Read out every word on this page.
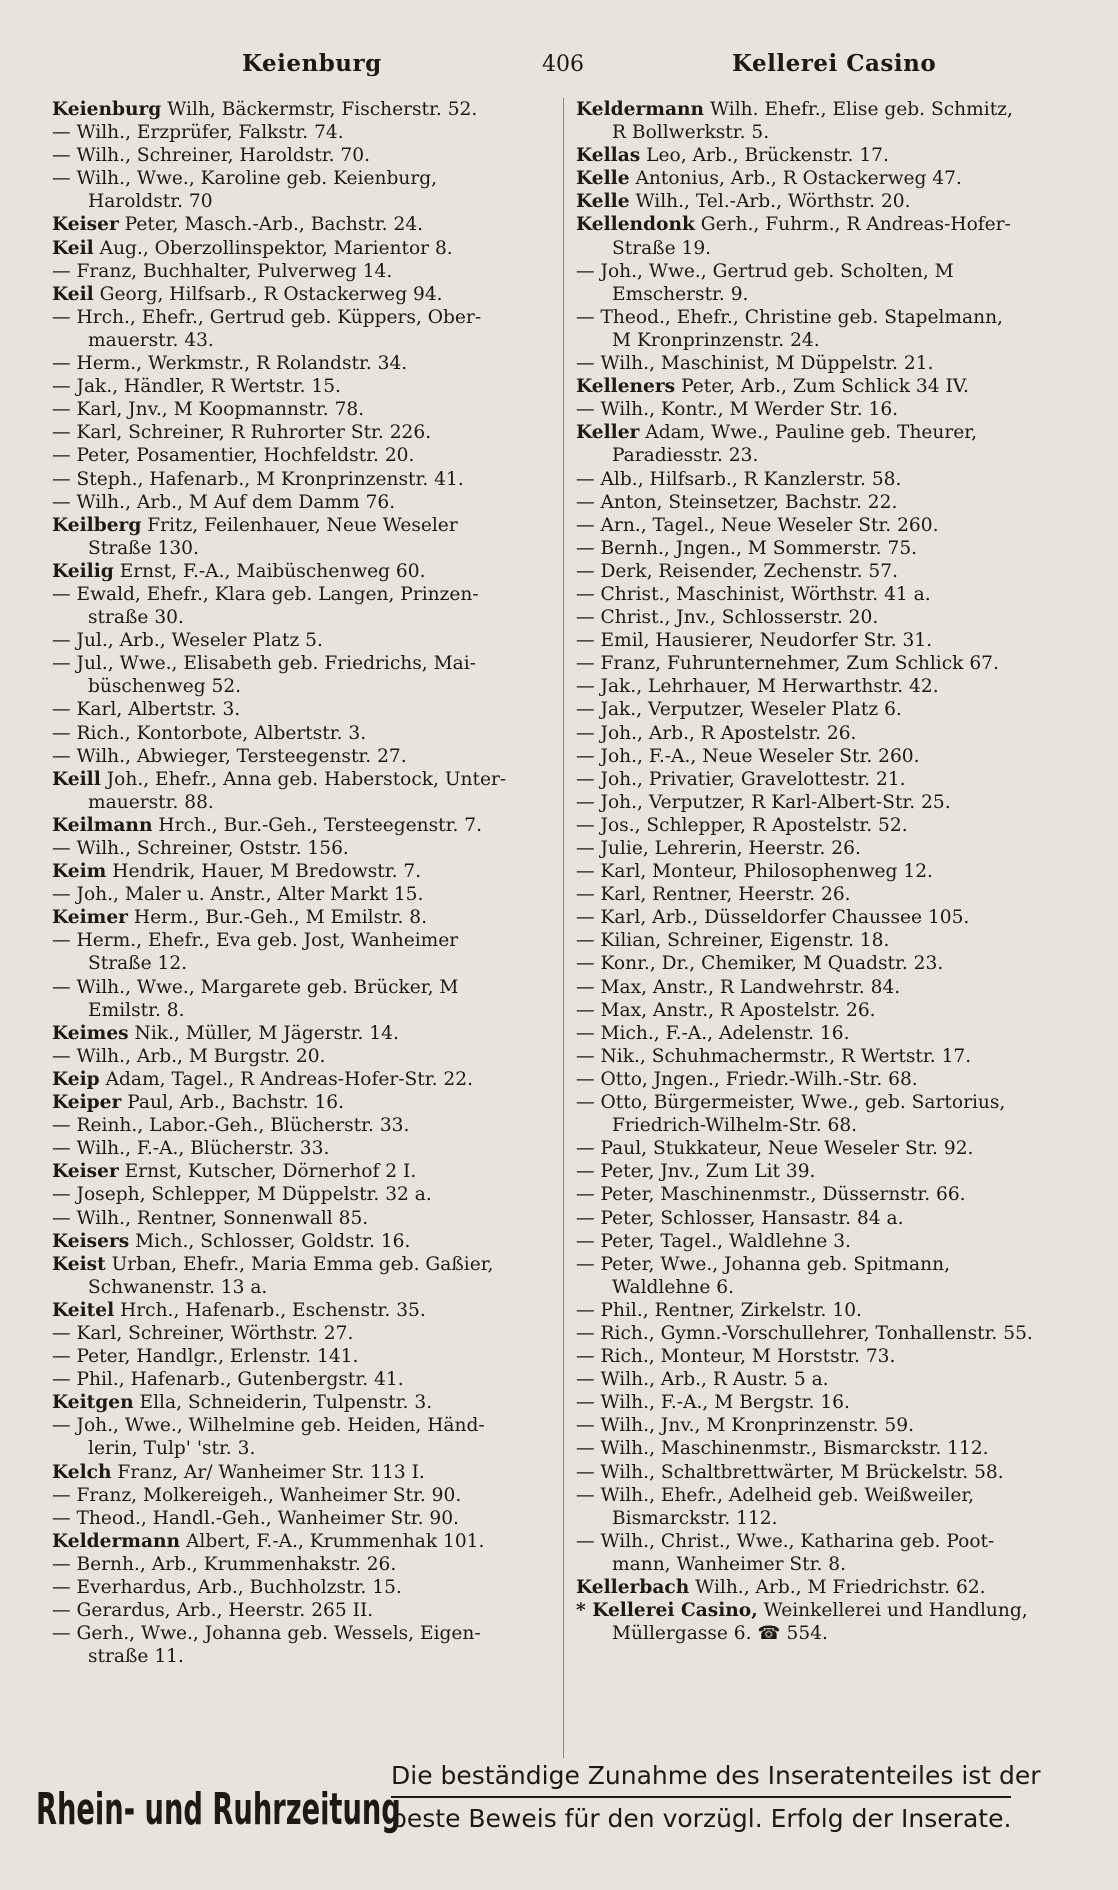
Keienburg	406	Kellerei Casino
Keienburg Wilh, Bäckermstr, Fischerstr. 52.
— Wilh., Erzprüfer, Falkstr. 74.
— Wilh., Schreiner, Haroldstr. 70.
— Wilh., Wwe., Karoline geb. Keienburg,
Haroldstr. 70
Keiser Peter, Masch.-Arb., Bachstr. 24.
Keil Aug., Oberzollinspektor, Marientor 8.
— Franz, Buchhalter, Pulverweg 14.
Keil Georg, Hilfsarb., R Ostackerweg 94.
— Hrch., Ehefr., Gertrud geb. Küppers, Ober-
mauerstr. 43.
— Herm., Werkmstr., R Rolandstr. 34.
— Jak., Händler, R Wertstr. 15.
— Karl, Jnv., M Koopmannstr. 78.
— Karl, Schreiner, R Ruhrorter Str. 226.
— Peter, Posamentier, Hochfeldstr. 20.
— Steph., Hafenarb., M Kronprinzenstr. 41.
— Wilh., Arb., M Auf dem Damm 76.
Keilberg Fritz, Feilenhauer, Neue Weseler
Straße 130.
Keilig Ernst, F.-A., Maibüschenweg 60.
— Ewald, Ehefr., Klara geb. Langen, Prinzen-
straße 30.
— Jul., Arb., Weseler Platz 5.
— Jul., Wwe., Elisabeth geb. Friedrichs, Mai-
büschenweg 52.
— Karl, Albertstr. 3.
— Rich., Kontorbote, Albertstr. 3.
— Wilh., Abwieger, Tersteegenstr. 27.
Keill Joh., Ehefr., Anna geb. Haberstock, Unter-
mauerstr. 88.
Keilmann Hrch., Bur.-Geh., Tersteegenstr. 7.
— Wilh., Schreiner, Oststr. 156.
Keim Hendrik, Hauer, M Bredowstr. 7.
— Joh., Maler u. Anstr., Alter Markt 15.
Keimer Herm., Bur.-Geh., M Emilstr. 8.
— Herm., Ehefr., Eva geb. Jost, Wanheimer
Straße 12.
— Wilh., Wwe., Margarete geb. Brücker, M
Emilstr. 8.
Keimes Nik., Müller, M Jägerstr. 14.
— Wilh., Arb., M Burgstr. 20.
Keip Adam, Tagel., R Andreas-Hofer-Str. 22.
Keiper Paul, Arb., Bachstr. 16.
— Reinh., Labor.-Geh., Blücherstr. 33.
— Wilh., F.-A., Blücherstr. 33.
Keiser Ernst, Kutscher, Dörnerhof 2 I.
— Joseph, Schlepper, M Düppelstr. 32 a.
— Wilh., Rentner, Sonnenwall 85.
Keisers Mich., Schlosser, Goldstr. 16.
Keist Urban, Ehefr., Maria Emma geb. Gaßier,
Schwanenstr. 13 a.
Keitel Hrch., Hafenarb., Eschenstr. 35.
— Karl, Schreiner, Wörthstr. 27.
— Peter, Handlgr., Erlenstr. 141.
— Phil., Hafenarb., Gutenbergstr. 41.
Keitgen Ella, Schneiderin, Tulpenstr. 3.
— Joh., Wwe., Wilhelmine geb. Heiden, Händ-
lerin, Tulp' 'str. 3.
Kelch Franz, Ar/ Wanheimer Str. 113 I.
— Franz, Molkereigeh., Wanheimer Str. 90.
— Theod., Handl.-Geh., Wanheimer Str. 90.
Keldermann Albert, F.-A., Krummenhak 101.
— Bernh., Arb., Krummenhakstr. 26.
— Everhardus, Arb., Buchholzstr. 15.
— Gerardus, Arb., Heerstr. 265 II.
— Gerh., Wwe., Johanna geb. Wessels, Eigen-
straße 11.
Keldermann Wilh. Ehefr., Elise geb. Schmitz,
R Bollwerkstr. 5.
Kellas Leo, Arb., Brückenstr. 17.
Kelle Antonius, Arb., R Ostackerweg 47.
Kelle Wilh., Tel.-Arb., Wörthstr. 20.
Kellendonk Gerh., Fuhrm., R Andreas-Hofer-
Straße 19.
— Joh., Wwe., Gertrud geb. Scholten, M
Emscherstr. 9.
— Theod., Ehefr., Christine geb. Stapelmann,
M Kronprinzenstr. 24.
— Wilh., Maschinist, M Düppelstr. 21.
Kelleners Peter, Arb., Zum Schlick 34 IV.
— Wilh., Kontr., M Werder Str. 16.
Keller Adam, Wwe., Pauline geb. Theurer,
Paradiesstr. 23.
— Alb., Hilfsarb., R Kanzlerstr. 58.
— Anton, Steinsetzer, Bachstr. 22.
— Arn., Tagel., Neue Weseler Str. 260.
— Bernh., Jngen., M Sommerstr. 75.
— Derk, Reisender, Zechenstr. 57.
— Christ., Maschinist, Wörthstr. 41 a.
— Christ., Jnv., Schlosserstr. 20.
— Emil, Hausierer, Neudorfer Str. 31.
— Franz, Fuhrunternehmer, Zum Schlick 67.
— Jak., Lehrhauer, M Herwarthstr. 42.
— Jak., Verputzer, Weseler Platz 6.
— Joh., Arb., R Apostelstr. 26.
— Joh., F.-A., Neue Weseler Str. 260.
— Joh., Privatier, Gravelottestr. 21.
— Joh., Verputzer, R Karl-Albert-Str. 25.
— Jos., Schlepper, R Apostelstr. 52.
— Julie, Lehrerin, Heerstr. 26.
— Karl, Monteur, Philosophenweg 12.
— Karl, Rentner, Heerstr. 26.
— Karl, Arb., Düsseldorfer Chaussee 105.
— Kilian, Schreiner, Eigenstr. 18.
— Konr., Dr., Chemiker, M Quadstr. 23.
— Max, Anstr., R Landwehrstr. 84.
— Max, Anstr., R Apostelstr. 26.
— Mich., F.-A., Adelenstr. 16.
— Nik., Schuhmachermstr., R Wertstr. 17.
— Otto, Jngen., Friedr.-Wilh.-Str. 68.
— Otto, Bürgermeister, Wwe., geb. Sartorius,
Friedrich-Wilhelm-Str. 68.
— Paul, Stukkateur, Neue Weseler Str. 92.
— Peter, Jnv., Zum Lit 39.
— Peter, Maschinenmstr., Düssernstr. 66.
— Peter, Schlosser, Hansastr. 84 a.
— Peter, Tagel., Waldlehne 3.
— Peter, Wwe., Johanna geb. Spitmann,
Waldlehne 6.
— Phil., Rentner, Zirkelstr. 10.
— Rich., Gymn.-Vorschullehrer, Tonhallenstr. 55.
— Rich., Monteur, M Horststr. 73.
— Wilh., Arb., R Austr. 5 a.
— Wilh., F.-A., M Bergstr. 16.
— Wilh., Jnv., M Kronprinzenstr. 59.
— Wilh., Maschinenmstr., Bismarckstr. 112.
— Wilh., Schaltbrettwärter, M Brückelstr. 58.
— Wilh., Ehefr., Adelheid geb. Weißweiler,
Bismarckstr. 112.
— Wilh., Christ., Wwe., Katharina geb. Poot-
mann, Wanheimer Str. 8.
Kellerbach Wilh., Arb., M Friedrichstr. 62.
* Kellerei Casino, Weinkellerei und Handlung,
Müllergasse 6. ☎ 554.
Rhein- und Ruhrzeitung
Die beständige Zunahme des Inseratenteiles ist der
beste Beweis für den vorzügl. Erfolg der Inserate.
